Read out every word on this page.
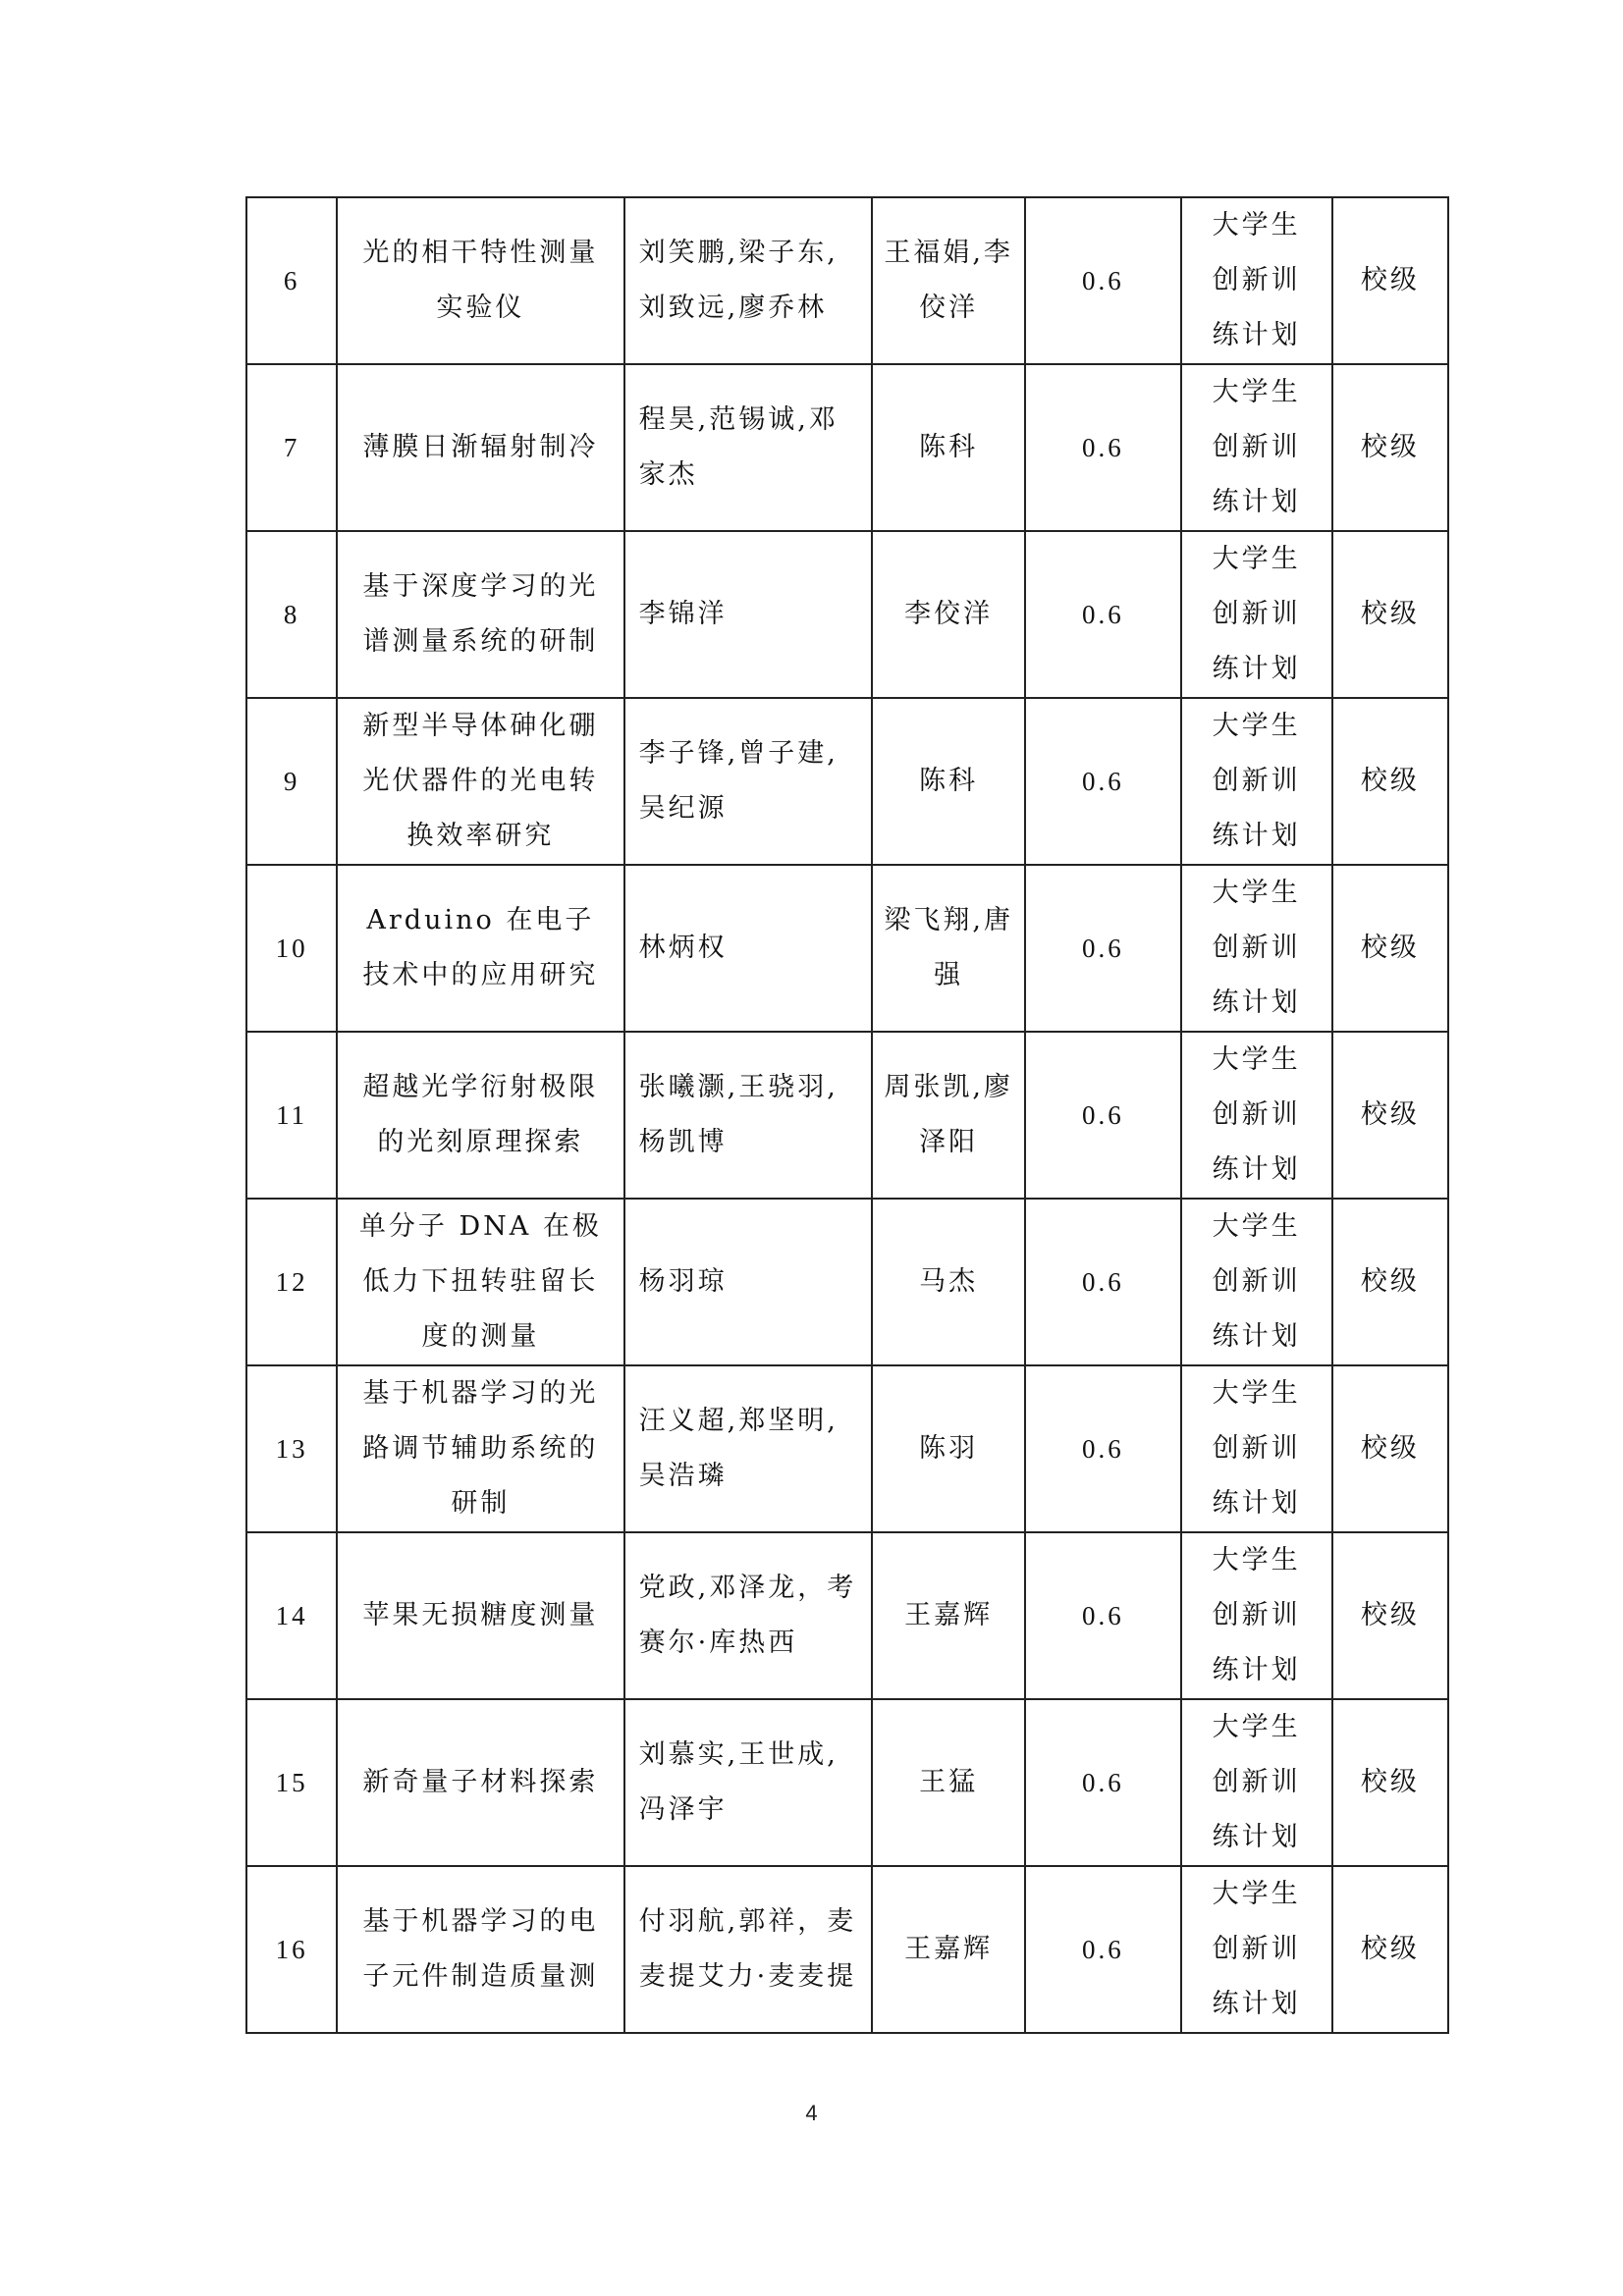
6	光的相干特性测量实验仪	刘笑鹏,梁子东,刘致远,廖乔林	王福娟,李佼洋	0.6	大学生创新训练计划	校级
7	薄膜日渐辐射制冷	程昊,范锡诚,邓家杰	陈科	0.6	大学生创新训练计划	校级
8	基于深度学习的光谱测量系统的研制	李锦洋	李佼洋	0.6	大学生创新训练计划	校级
9	新型半导体砷化硼光伏器件的光电转换效率研究	李子锋,曾子建,吴纪源	陈科	0.6	大学生创新训练计划	校级
10	Arduino 在电子技术中的应用研究	林炳权	梁飞翔,唐强	0.6	大学生创新训练计划	校级
11	超越光学衍射极限的光刻原理探索	张曦灏,王骁羽,杨凯博	周张凯,廖泽阳	0.6	大学生创新训练计划	校级
12	单分子 DNA 在极低力下扭转驻留长度的测量	杨羽琼	马杰	0.6	大学生创新训练计划	校级
13	基于机器学习的光路调节辅助系统的研制	汪义超,郑坚明,吴浩璘	陈羽	0.6	大学生创新训练计划	校级
14	苹果无损糖度测量	党政,邓泽龙，考赛尔·库热西	王嘉辉	0.6	大学生创新训练计划	校级
15	新奇量子材料探索	刘慕实,王世成,冯泽宇	王猛	0.6	大学生创新训练计划	校级
16	基于机器学习的电子元件制造质量测	付羽航,郭祥，麦麦提艾力·麦麦提	王嘉辉	0.6	大学生创新训练计划	校级
4
